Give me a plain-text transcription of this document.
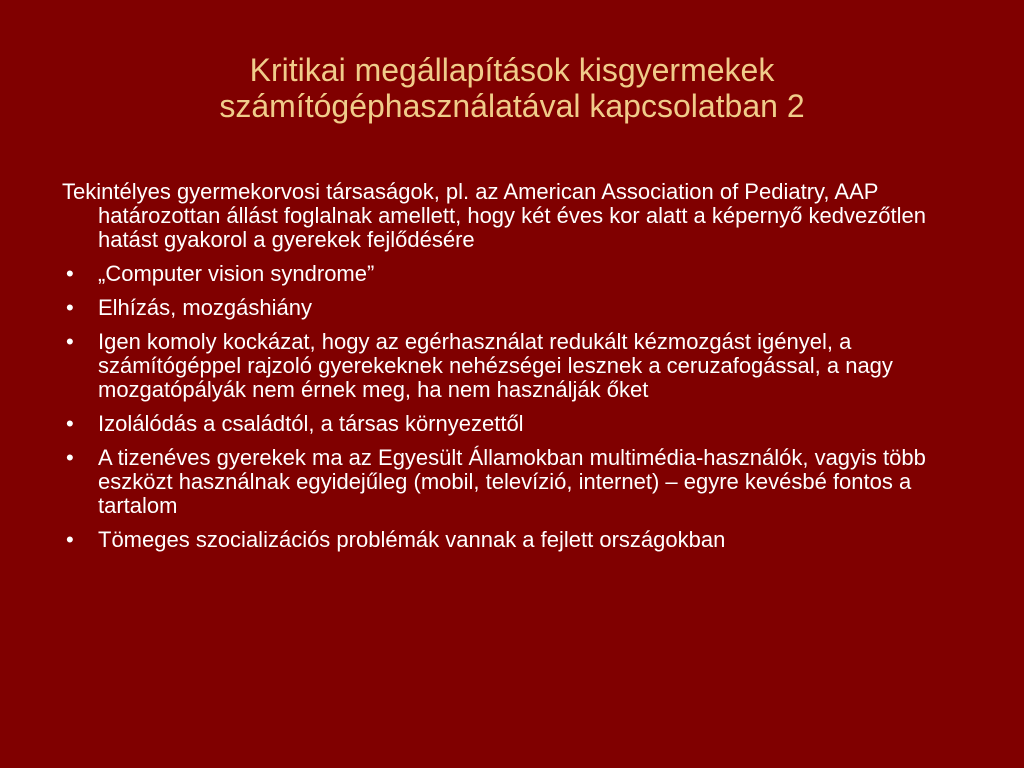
Kritikai megállapítások kisgyermekek
számítógéphasználatával kapcsolatban 2
Tekintélyes gyermekorvosi társaságok, pl. az American Association of Pediatry, AAP határozottan állást foglalnak amellett, hogy két éves kor alatt a képernyő kedvezőtlen hatást gyakorol a gyerekek fejlődésére
•	„Computer vision syndrome”
•	Elhízás, mozgáshiány
•	Igen komoly kockázat, hogy az egérhasználat redukált kézmozgást igényel, a számítógéppel rajzoló gyerekeknek nehézségei lesznek a ceruzafogással, a nagy mozgatópályák nem érnek meg, ha nem használják őket
•	Izolálódás a családtól, a társas környezettől
•	A tizenéves gyerekek ma az Egyesült Államokban multimédia-használók, vagyis több eszközt használnak egyidejűleg (mobil, televízió, internet) – egyre kevésbé fontos a tartalom
•	Tömeges szocializációs problémák vannak a fejlett országokban
